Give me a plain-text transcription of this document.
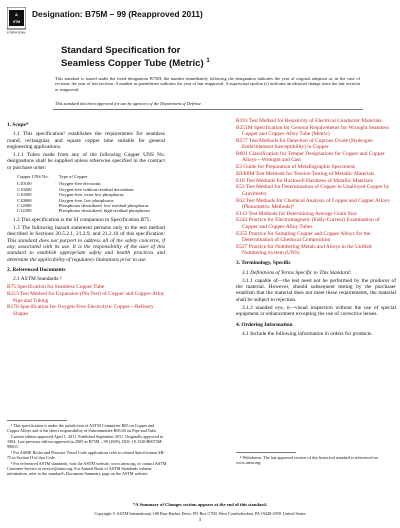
A
STM
INTERNATIONAL
Designation: B75M – 99 (Reapproved 2011)
Standard Specification for
Seamless Copper Tube (Metric) $^1$
This standard is issued under the fixed designation B75M; the number immediately following the designation indicates the year of original adoption or, in the case of revision, the year of last revision. A number in parentheses indicates the year of last reapproval. A superscript epsilon (ε) indicates an editorial change since the last revision or reapproval.
This standard has been approved for use by agencies of the Department of Defense.
1. Scope*

1.1 This specification² establishes the requirements for seamless round, rectangular, and square copper tube suitable for general engineering applications.

1.1.1 Tubes made from any of the following Copper UNS No. designations shall be supplied unless otherwise specified in the contract or purchase order:

Copper UNS No.	Type of Copper
C10100	Oxygen-free electronic
C10200	Oxygen-free without residual deoxidants
C10300	Oxygen-free, extra low phosphorus
C10800	Oxygen-free, low phosphorus
C12000	Phosphorus deoxidized, low residual phosphorus
C12200	Phosphorus deoxidized, high residual phosphorus

1.2 This specification is the SI companion to Specification B75.

1.3 The following hazard statement pertains only to the test method described in Sections 20.5.2.1, 21.2.9, and 21.2.10 of this specification: This standard does not purport to address all of the safety concerns, if any, associated with its use. It is the responsibility of the user of this standard to establish appropriate safety and health practices and determine the applicability of regulatory limitations prior to use.

2. Referenced Documents

2.1 ASTM Standards:³

B75 Specification for Seamless Copper Tube
B153 Test Method for Expansion (Pin Test) of Copper and Copper-Alloy Pipe and Tubing
B170 Specification for Oxygen-Free Electrolytic Copper—Refinery Shapes

¹ This specification is under the jurisdiction of ASTM Committee B05 on Copper and Copper Alloys and is the direct responsibility of Subcommittee B05.04 on Pipe and Tube.

Current edition approved April 1, 2011. Published September 2011. Originally approved in 1984. Last previous edition approved in 2005 as B75M – 99 (2005). DOI: 10.1520/B0075M-99R11.

² For ASME Boiler and Pressure Vessel Code applications refer to related Specification SB-75 in Section II of that Code.

³ For referenced ASTM standards, visit the ASTM website, www.astm.org, or contact ASTM Customer Service at service@astm.org. For Annual Book of ASTM Standards volume information, refer to the standard's Document Summary page on the ASTM website.

B193 Test Method for Resistivity of Electrical Conductor Materials
B251M Specification for General Requirements for Wrought Seamless Copper and Copper-Alloy Tube (Metric)
B577 Test Methods for Detection of Cuprous Oxide (Hydrogen Embrittlement Susceptibility) in Copper
B601 Classification for Temper Designations for Copper and Copper Alloys—Wrought and Cast
E3 Guide for Preparation of Metallographic Specimens
E8/E8M Test Methods for Tension Testing of Metallic Materials
E18 Test Methods for Rockwell Hardness of Metallic Materials
E53 Test Method for Determination of Copper in Unalloyed Copper by Gravimetry
E62 Test Methods for Chemical Analysis of Copper and Copper Alloys (Photometric Methods)⁴
E112 Test Methods for Determining Average Grain Size
E243 Practice for Electromagnetic (Eddy-Current) Examination of Copper and Copper-Alloy Tubes
E255 Practice for Sampling Copper and Copper Alloys for the Determination of Chemical Composition
E527 Practice for Numbering Metals and Alloys in the Unified Numbering System (UNS)
3. Terminology, Specific

3.1 Definitions of Terms Specific to This Standard:

3.1.1 capable of—the test need not be performed by the producer of the material. However, should subsequent testing by the purchaser establish that the material does not meet these requirements, the material shall be subject to rejection.

3.1.2 unaided eye, n—visual inspection without the use of special equipment or enhancement excepting the use of corrective lenses.

4. Ordering Information

4.1 Include the following information in orders for products.

⁴ Withdrawn. The last approved version of this historical standard is referenced on www.astm.org.

*A Summary of Changes section appears at the end of this standard.
Copyright © ASTM International, 100 Barr Harbor Drive, PO Box C700, West Conshohocken, PA 19428-2959. United States
1
